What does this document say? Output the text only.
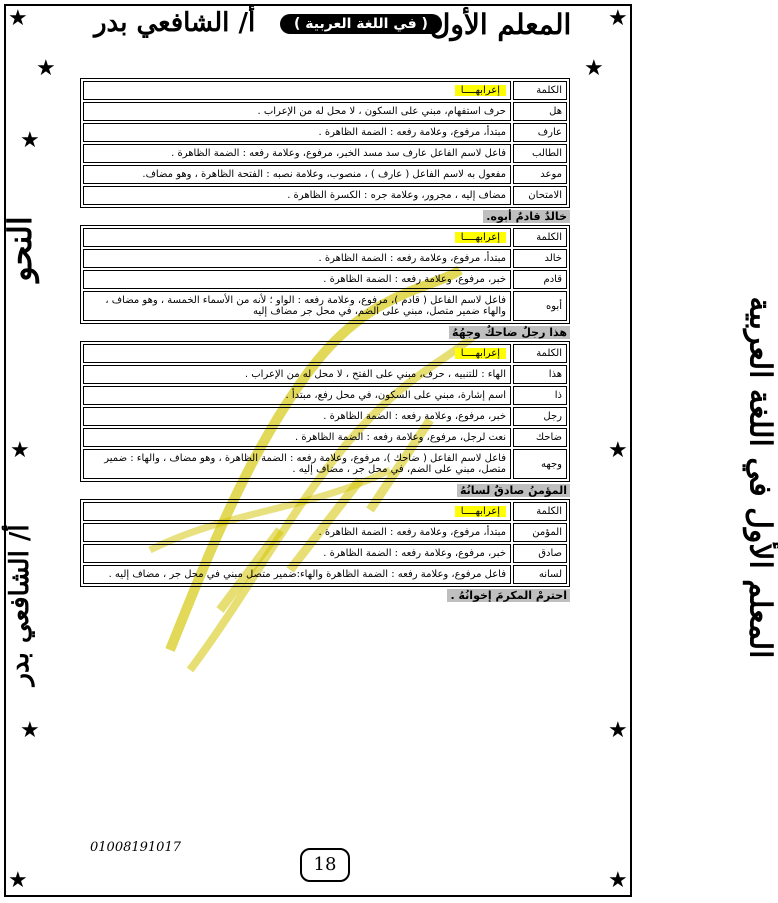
★
★
★
★
★
★	★
★	★
★	★
أ/ الشافعي بدر	( في اللغة العربية ) المعلم الأول
النحو
أ/ الشافعي بدر	المعلم الأول في اللغة العربية
الكلمة	إعرابهــــا
هل	حرف استفهام، مبني على السكون ، لا محل له من الإعراب .
عارف	مبتدأ، مرفوع، وعلامة رفعه : الضمة الظاهرة .
الطالب	فاعل لاسم الفاعل عارف سد مسد الخبر، مرفوع، وعلامة رفعه : الضمة الظاهرة .
موعد	مفعول به لاسم الفاعل ( عارف ) ، منصوب، وعلامة نصبه : الفتحة الظاهرة ، وهو مضاف.
الامتحان	مضاف إليه ، مجرور، وعلامة جره : الكسرة الظاهرة .
خالدٌ قادمٌ أبوه.
الكلمة	إعرابهــــا
خالد	مبتدأ، مرفوع، وعلامة رفعه : الضمة الظاهرة .
قادم	خبر، مرفوع، وعلامة رفعه : الضمة الظاهرة .
أبوه	فاعل لاسم الفاعل ( قادم )، مرفوع، وعلامة رفعه : الواو ؛ لأنه من الأسماء الخمسة ، وهو مضاف ، والهاء ضمير متصل، مبني على الضم، في محل جر مضاف إليه
هذا رجلٌ ضاحكٌ وجهُهُ
الكلمة	إعرابهــــا
هذا	الهاء : للتنبيه ، حرف، مبني على الفتح ، لا محل له من الإعراب .
ذا	اسم إشارة، مبني على السكون، في محل رفع، مبتدأ .
رجل	خبر، مرفوع، وعلامة رفعه : الضمة الظاهرة .
ضاحك	نعت لرجل، مرفوع، وعلامة رفعه : الضمة الظاهرة .
وجهه	فاعل لاسم الفاعل ( ضاحك )، مرفوع، وعلامة رفعه : الضمة الظاهرة ، وهو مضاف ، والهاء : ضمير متصل، مبني على الضم، في محل جر ، مضاف إليه .
المؤمنُ صادقٌ لسانُهُ
الكلمة	إعرابهــــا
المؤمن	مبتدأ، مرفوع، وعلامة رفعه : الضمة الظاهرة .
صادق	خبر، مرفوع، وعلامة رفعه : الضمة الظاهرة .
لسانه	فاعل مرفوع، وعلامة رفعه : الضمة الظاهرة والهاء:ضمير متصل مبني في محل جر ، مضاف إليه .
احترمْ المكرمَ إخوانُهُ .
01008191017
18
